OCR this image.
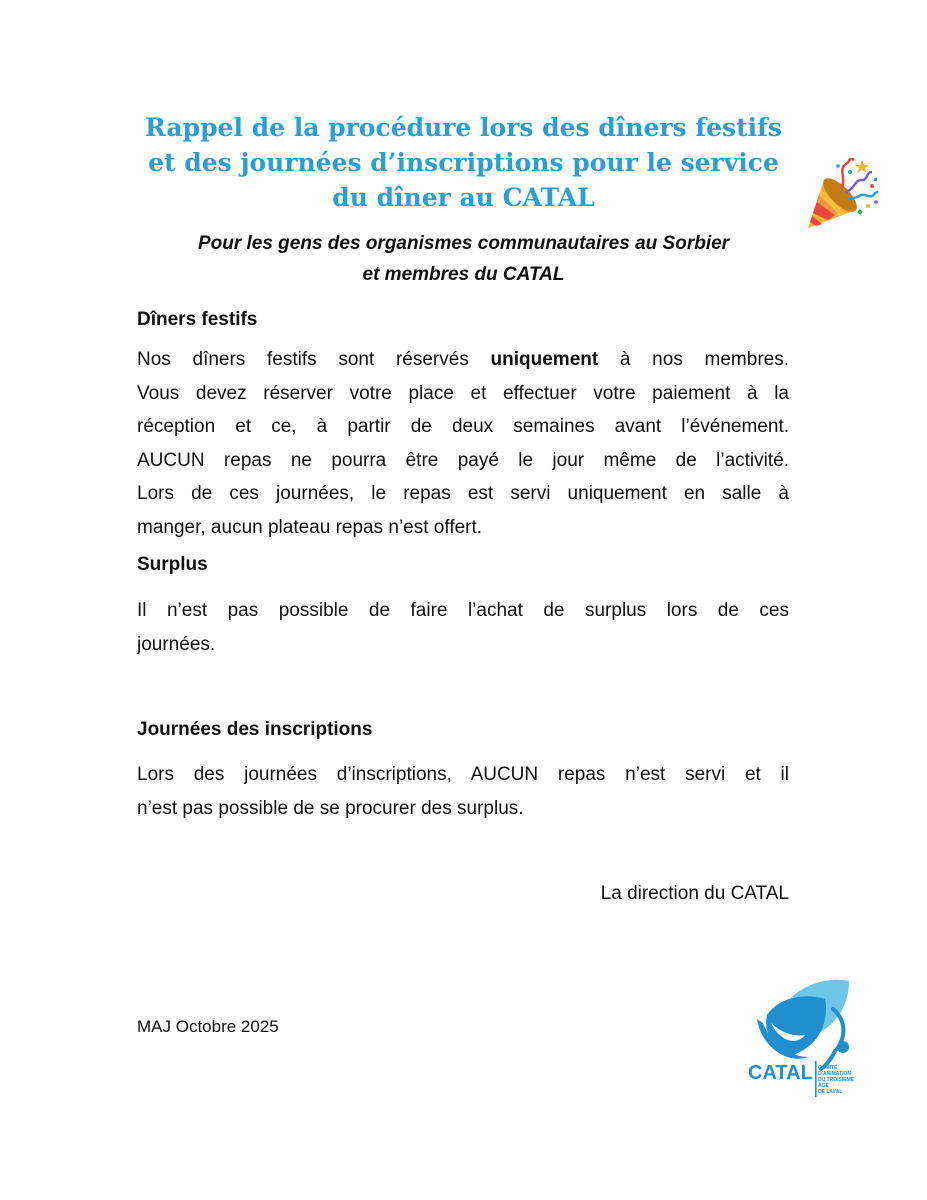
Rappel de la procédure lors des dîners festifs
et des journées d’inscriptions pour le service
du dîner au CATAL

Pour les gens des organismes communautaires au Sorbier
et membres du CATAL

Dîners festifs
Nos dîners festifs sont réservés uniquement à nos membres.
Vous devez réserver votre place et effectuer votre paiement à la
réception et ce, à partir de deux semaines avant l’événement.
AUCUN repas ne pourra être payé le jour même de l’activité.
Lors de ces journées, le repas est servi uniquement en salle à
manger, aucun plateau repas n’est offert.
Surplus
Il n’est pas possible de faire l’achat de surplus lors de ces
journées.
Journées des inscriptions
Lors des journées d’inscriptions, AUCUN repas n’est servi et il
n’est pas possible de se procurer des surplus.

La direction du CATAL

MAJ Octobre 2025

CATAL COMITÉ D’ANIMATION
DU TROISIÈME ÂGE
DE LAVAL
